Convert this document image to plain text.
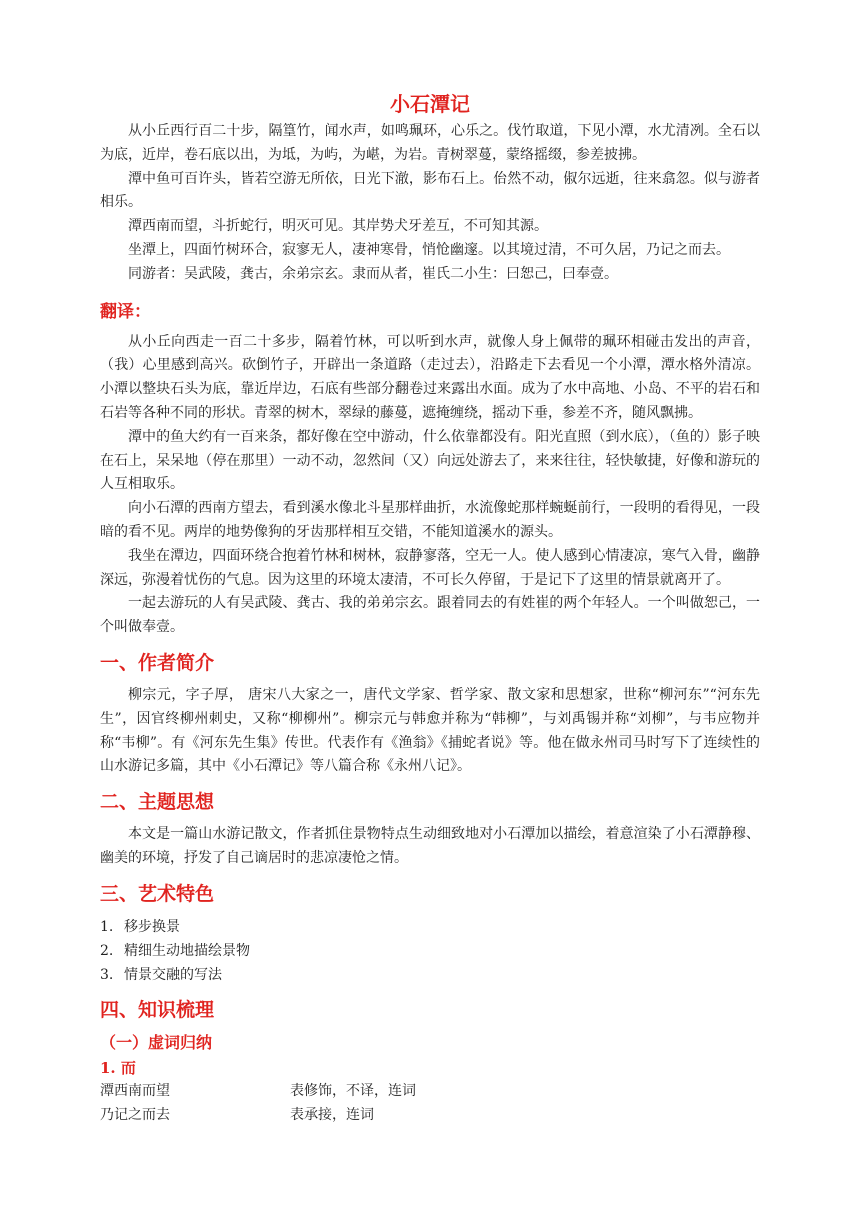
小石潭记

从小丘西行百二十步，隔篁竹，闻水声，如鸣珮环，心乐之。伐竹取道，下见小潭，水尤清冽。全石以为底，近岸，卷石底以出，为坻，为屿，为嵁，为岩。青树翠蔓，蒙络摇缀，参差披拂。

潭中鱼可百许头，皆若空游无所依，日光下澈，影布石上。佁然不动，俶尔远逝，往来翕忽。似与游者相乐。

潭西南而望，斗折蛇行，明灭可见。其岸势犬牙差互，不可知其源。

坐潭上，四面竹树环合，寂寥无人，凄神寒骨，悄怆幽邃。以其境过清，不可久居，乃记之而去。

同游者：吴武陵，龚古，余弟宗玄。隶而从者，崔氏二小生：曰恕己，曰奉壹。

翻译：

从小丘向西走一百二十多步，隔着竹林，可以听到水声，就像人身上佩带的珮环相碰击发出的声音，（我）心里感到高兴。砍倒竹子，开辟出一条道路（走过去），沿路走下去看见一个小潭，潭水格外清凉。小潭以整块石头为底，靠近岸边，石底有些部分翻卷过来露出水面。成为了水中高地、小岛、不平的岩石和石岩等各种不同的形状。青翠的树木，翠绿的藤蔓，遮掩缠绕，摇动下垂，参差不齐，随风飘拂。

潭中的鱼大约有一百来条，都好像在空中游动，什么依靠都没有。阳光直照（到水底），（鱼的）影子映在石上，呆呆地（停在那里）一动不动，忽然间（又）向远处游去了，来来往往，轻快敏捷，好像和游玩的人互相取乐。

向小石潭的西南方望去，看到溪水像北斗星那样曲折，水流像蛇那样蜿蜒前行，一段明的看得见，一段暗的看不见。两岸的地势像狗的牙齿那样相互交错，不能知道溪水的源头。

我坐在潭边，四面环绕合抱着竹林和树林，寂静寥落，空无一人。使人感到心情凄凉，寒气入骨，幽静深远，弥漫着忧伤的气息。因为这里的环境太凄清，不可长久停留，于是记下了这里的情景就离开了。

一起去游玩的人有吴武陵、龚古、我的弟弟宗玄。跟着同去的有姓崔的两个年轻人。一个叫做恕己，一个叫做奉壹。

一、作者简介

柳宗元，字子厚， 唐宋八大家之一，唐代文学家、哲学家、散文家和思想家，世称“柳河东”“河东先生”，因官终柳州刺史，又称“柳柳州”。柳宗元与韩愈并称为“韩柳”，与刘禹锡并称“刘柳”，与韦应物并称“韦柳”。有《河东先生集》传世。代表作有《渔翁》《捕蛇者说》等。他在做永州司马时写下了连续性的山水游记多篇，其中《小石潭记》等八篇合称《永州八记》。

二、主题思想

本文是一篇山水游记散文，作者抓住景物特点生动细致地对小石潭加以描绘，着意渲染了小石潭静穆、幽美的环境，抒发了自己谪居时的悲凉凄怆之情。

三、艺术特色
1. 移步换景
2. 精细生动地描绘景物
3. 情景交融的写法
四、知识梳理
（一）虚词归纳
1. 而
潭西南而望	表修饰，不译，连词
乃记之而去	表承接，连词
